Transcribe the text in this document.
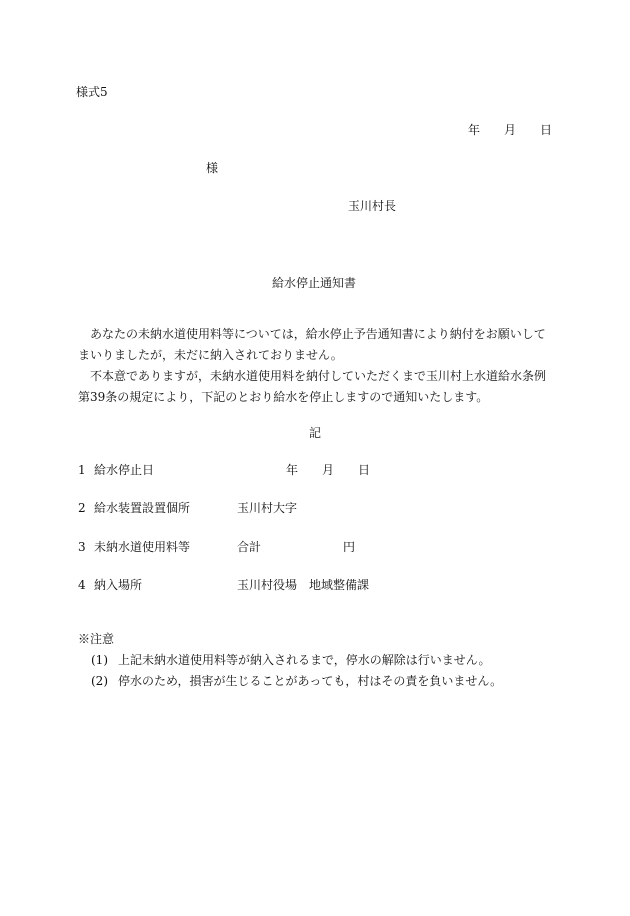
様式5
年　　月　　日
様
玉川村長
給水停止通知書

あなたの未納水道使用料等については，給水停止予告通知書により納付をお願いしてまいりましたが，未だに納入されておりません。

不本意でありますが，未納水道使用料を納付していただくまで玉川村上水道給水条例第39条の規定により，下記のとおり給水を停止しますので通知いたします。

記
1 給水停止日	年　　月　　日
2 給水装置設置個所	玉川村大字
3 未納水道使用料等	合計	円
4 納入場所	玉川村役場　地域整備課
※注意
(1) 上記未納水道使用料等が納入されるまで，停水の解除は行いません。
(2) 停水のため，損害が生じることがあっても，村はその責を負いません。
